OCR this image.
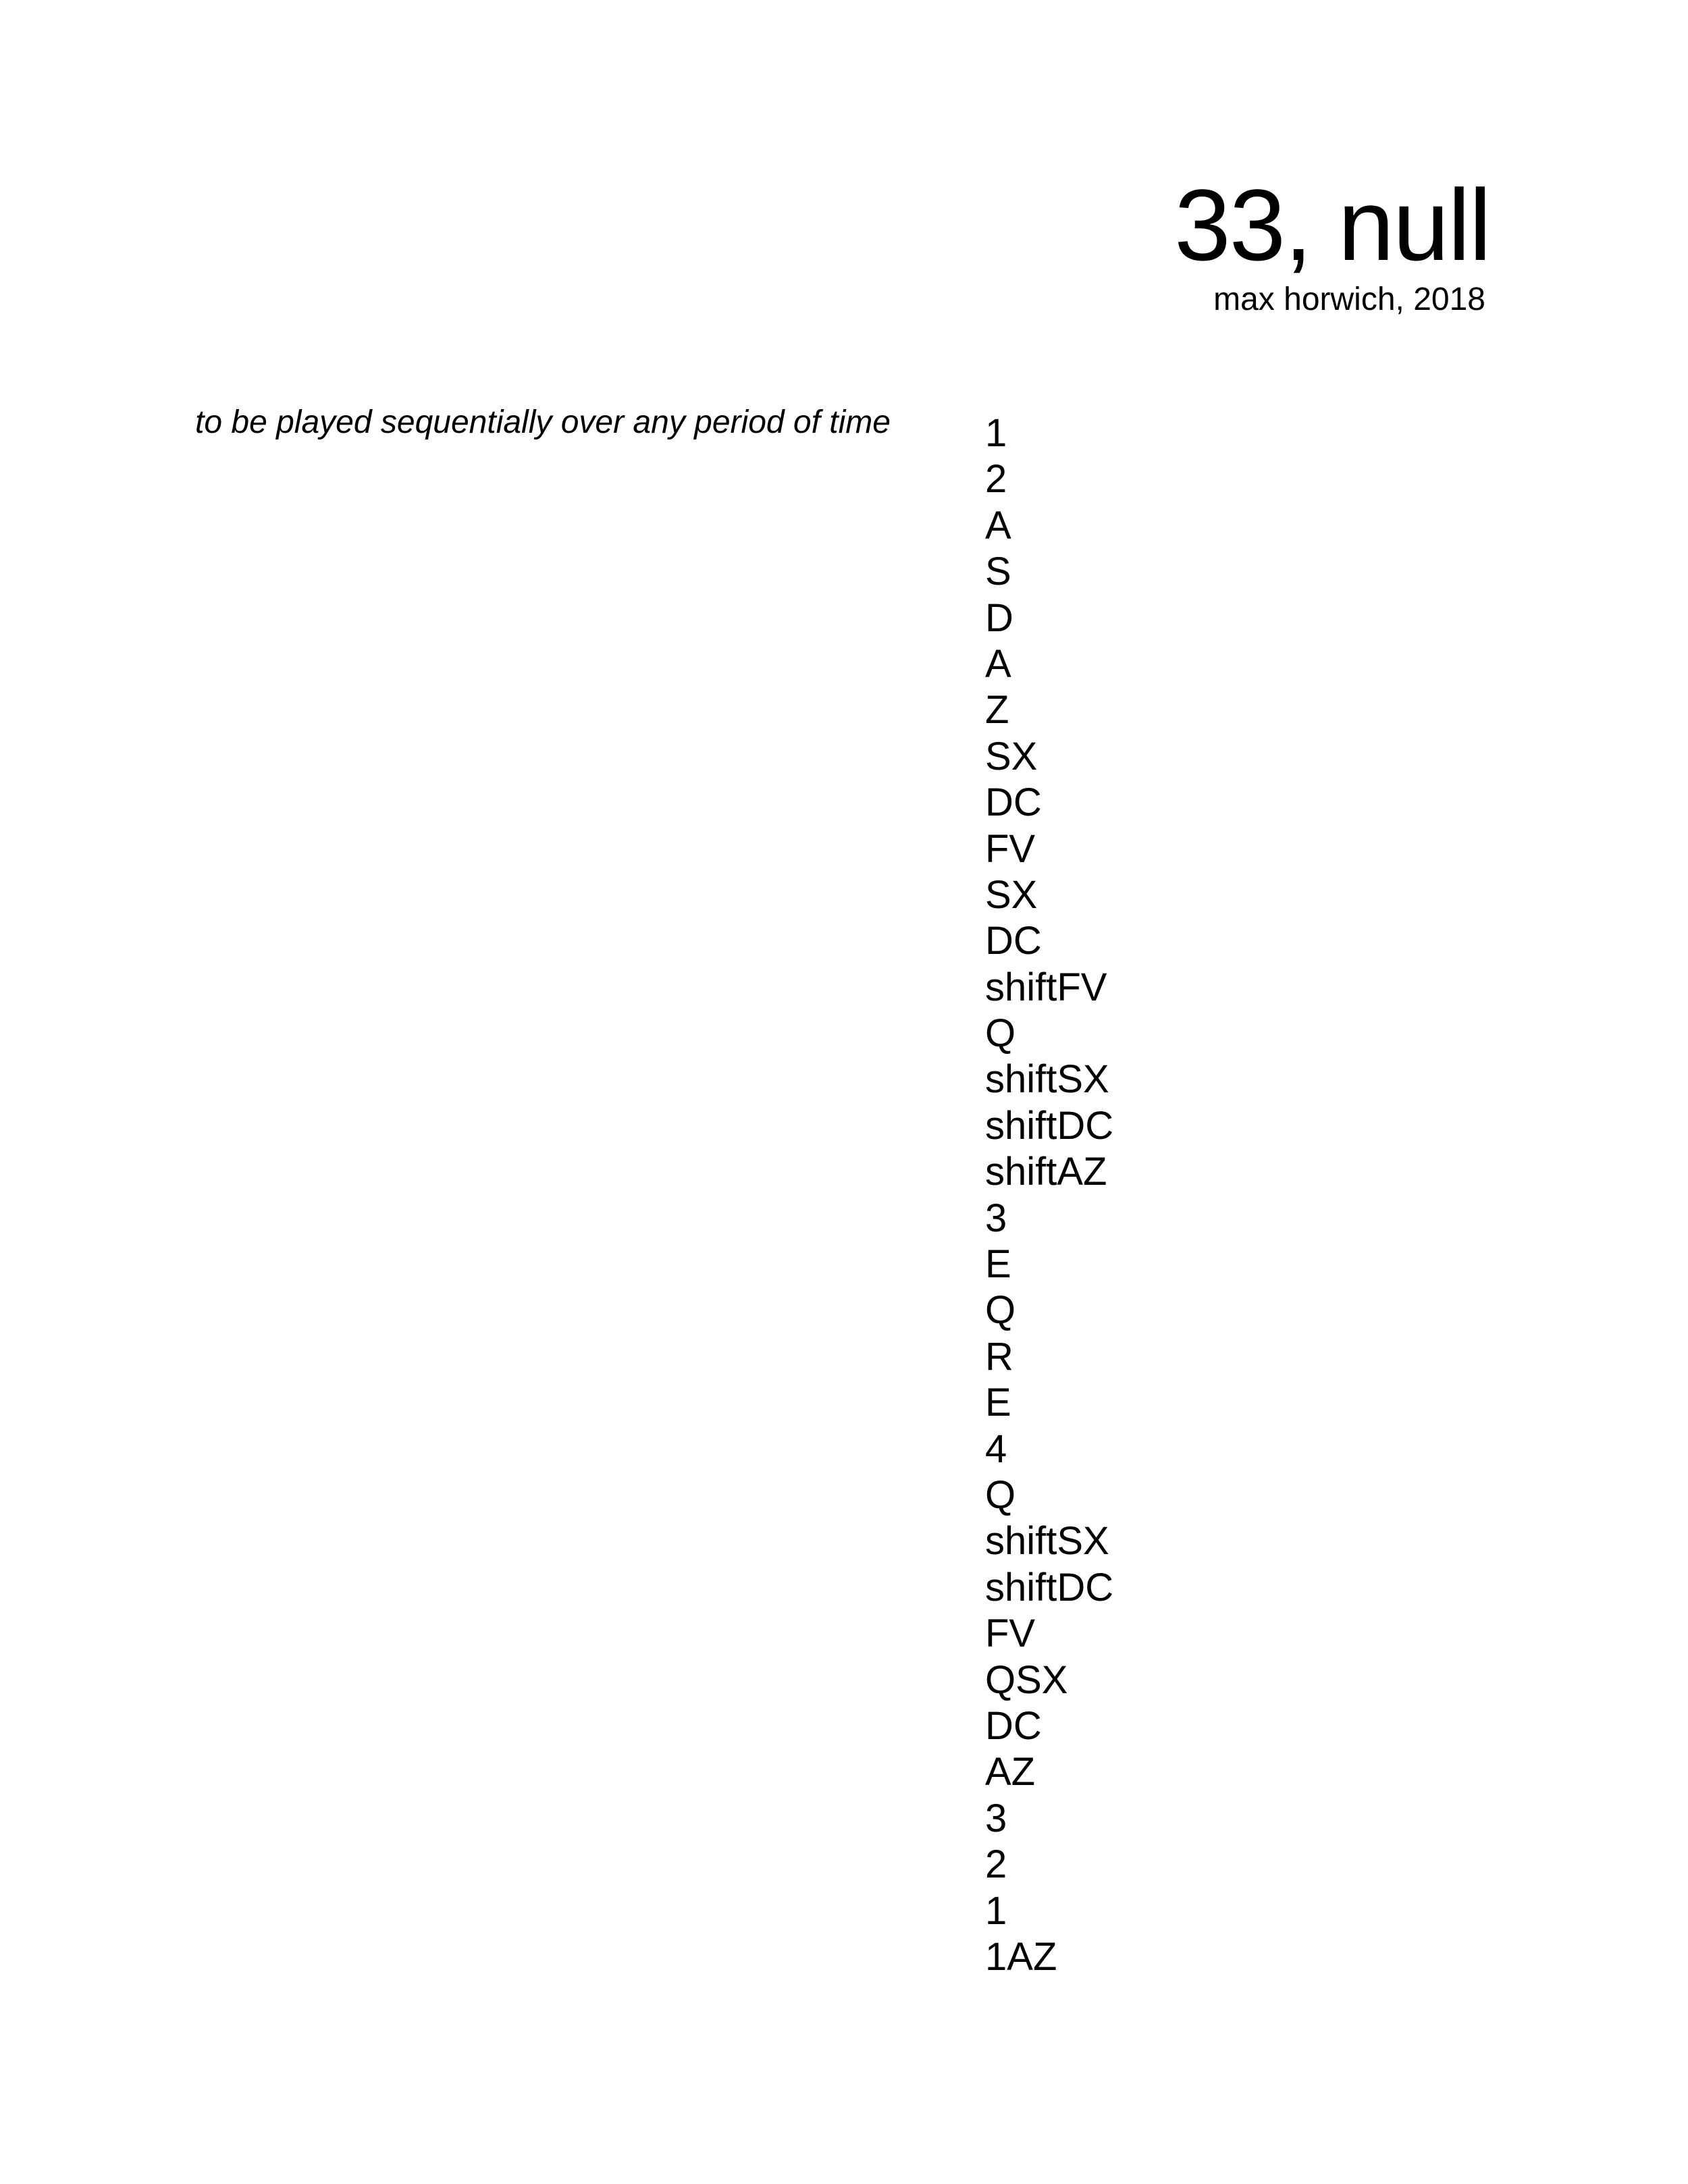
33, null
max horwich, 2018
to be played sequentially over any period of time 1
2
A
S
D
A
Z
SX
DC
FV
SX
DC
shiftFV
Q
shiftSX
shiftDC
shiftAZ
3
E
Q
R
E
4
Q
shiftSX
shiftDC
FV
QSX
DC
AZ
3
2
1
1AZ
